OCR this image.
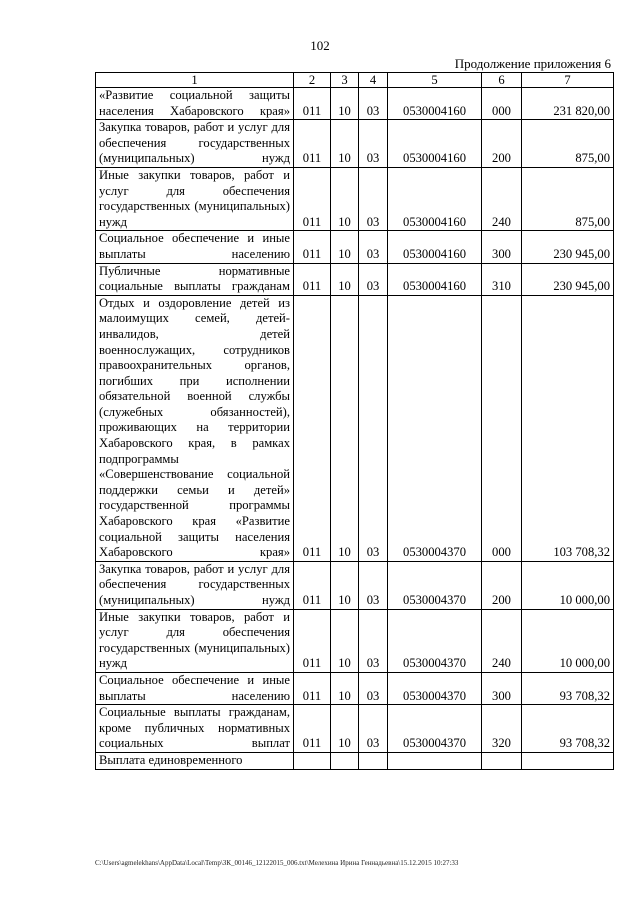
102
Продолжение приложения 6
1	2	3	4	5	6	7
«Развитие социальной защиты населения Хабаровского края»	011	10	03	0530004160	000	231 820,00
Закупка товаров, работ и услуг для обеспечения государственных (муниципальных) нужд	011	10	03	0530004160	200	875,00
Иные закупки товаров, работ и услуг для обеспечения государственных (муниципальных) нужд	011	10	03	0530004160	240	875,00
Социальное обеспечение и иные выплаты населению	011	10	03	0530004160	300	230 945,00
Публичные нормативные социальные выплаты гражданам	011	10	03	0530004160	310	230 945,00
Отдых и оздоровление детей из малоимущих семей, детей-инвалидов, детей военнослужащих, сотрудников правоохранительных органов, погибших при исполнении обязательной военной службы (служебных обязанностей), проживающих на территории Хабаровского края, в рамках подпрограммы «Совершенствование социальной поддержки семьи и детей» государственной программы Хабаровского края «Развитие социальной защиты населения Хабаровского края»	011	10	03	0530004370	000	103 708,32
Закупка товаров, работ и услуг для обеспечения государственных (муниципальных) нужд	011	10	03	0530004370	200	10 000,00
Иные закупки товаров, работ и услуг для обеспечения государственных (муниципальных) нужд	011	10	03	0530004370	240	10 000,00
Социальное обеспечение и иные выплаты населению	011	10	03	0530004370	300	93 708,32
Социальные выплаты гражданам, кроме публичных нормативных социальных выплат	011	10	03	0530004370	320	93 708,32
Выплата единовременного						
C:\Users\agmelekhans\AppData\Local\Temp\ЗК_00146_12122015_006.txt\Мелехина Ирина Геннадьевна\15.12.2015 10:27:33
